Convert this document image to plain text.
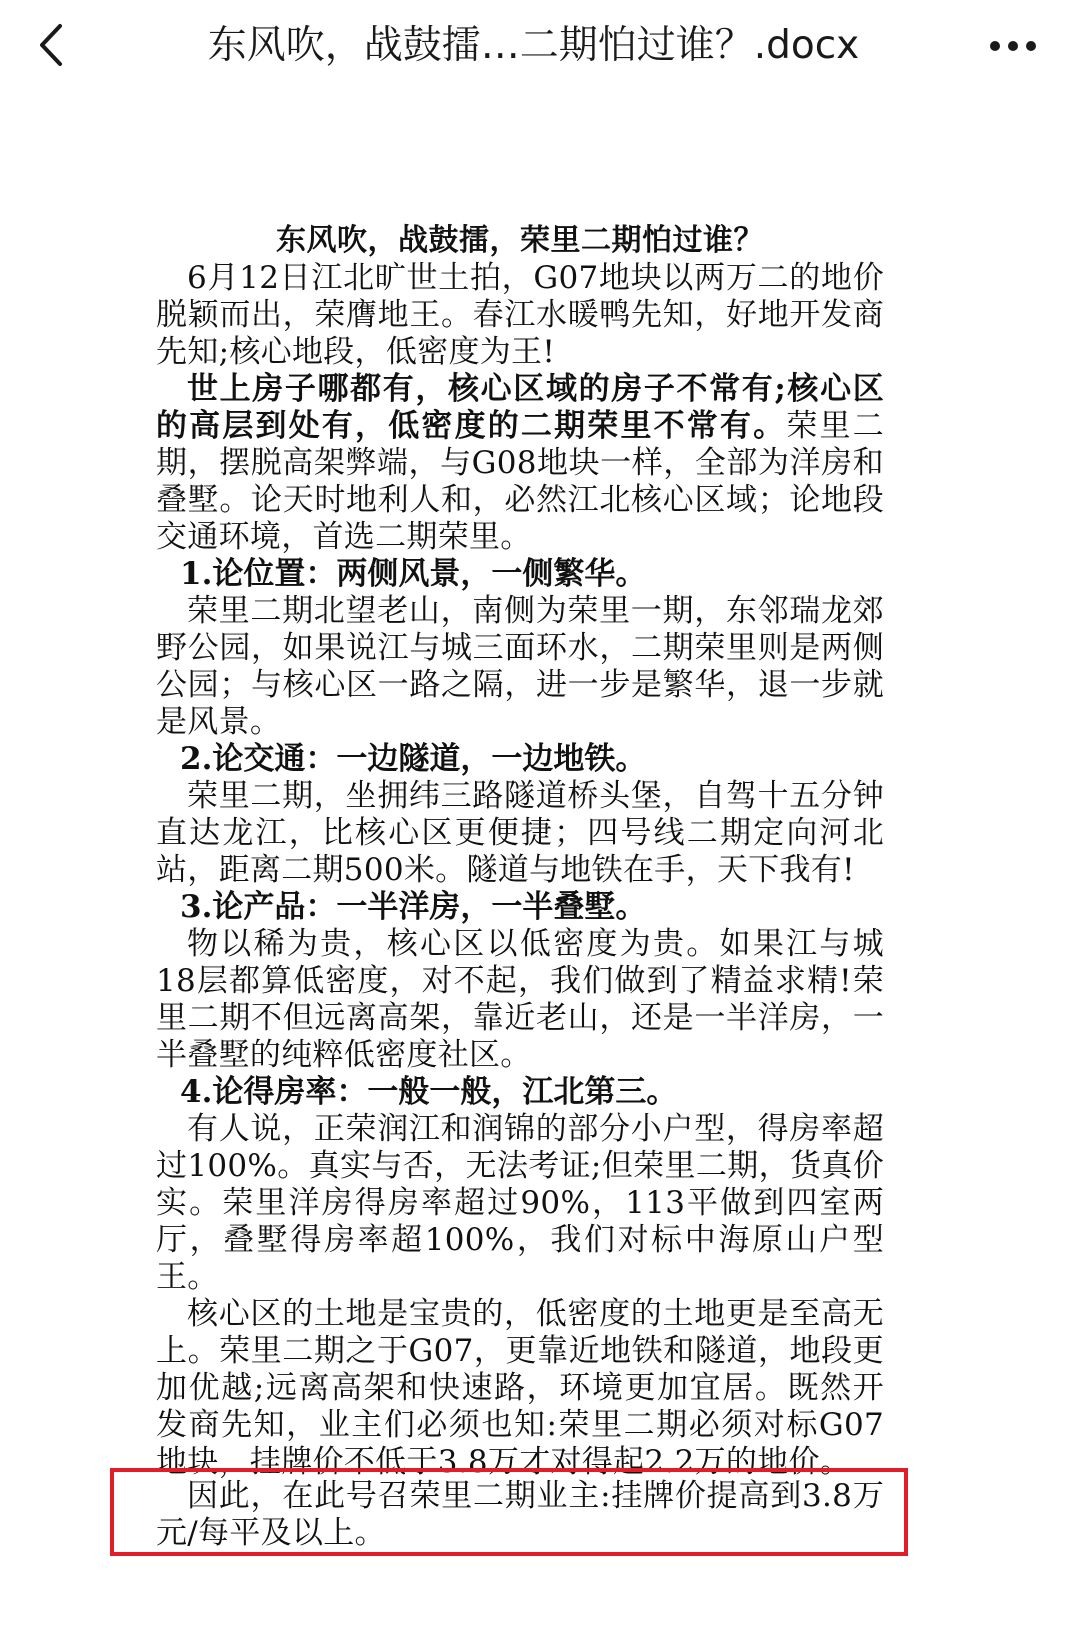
东风吹，战鼓擂…二期怕过谁？.docx
东风吹，战鼓擂，荣里二期怕过谁？

6月12日江北旷世土拍，G07地块以两万二的地价脱颖而出，荣膺地王。春江水暖鸭先知，好地开发商先知;核心地段，低密度为王!

世上房子哪都有，核心区域的房子不常有;核心区的高层到处有，低密度的二期荣里不常有。荣里二期，摆脱高架弊端，与G08地块一样，全部为洋房和叠墅。论天时地利人和，必然江北核心区域；论地段交通环境，首选二期荣里。

1.论位置：两侧风景，一侧繁华。

荣里二期北望老山，南侧为荣里一期，东邻瑞龙郊野公园，如果说江与城三面环水，二期荣里则是两侧公园；与核心区一路之隔，进一步是繁华，退一步就是风景。

2.论交通：一边隧道，一边地铁。

荣里二期，坐拥纬三路隧道桥头堡，自驾十五分钟直达龙江，比核心区更便捷；四号线二期定向河北站，距离二期500米。隧道与地铁在手，天下我有!

3.论产品：一半洋房，一半叠墅。

物以稀为贵，核心区以低密度为贵。如果江与城18层都算低密度，对不起，我们做到了精益求精!荣里二期不但远离高架，靠近老山，还是一半洋房，一半叠墅的纯粹低密度社区。

4.论得房率：一般一般，江北第三。

有人说，正荣润江和润锦的部分小户型，得房率超过100%。真实与否，无法考证;但荣里二期，货真价实。荣里洋房得房率超过90%，113平做到四室两厅，叠墅得房率超100%，我们对标中海原山户型王。

核心区的土地是宝贵的，低密度的土地更是至高无上。荣里二期之于G07，更靠近地铁和隧道，地段更加优越;远离高架和快速路，环境更加宜居。既然开发商先知，业主们必须也知:荣里二期必须对标G07地块，挂牌价不低于3.8万才对得起2.2万的地价。

因此，在此号召荣里二期业主:挂牌价提高到3.8万元/每平及以上。
